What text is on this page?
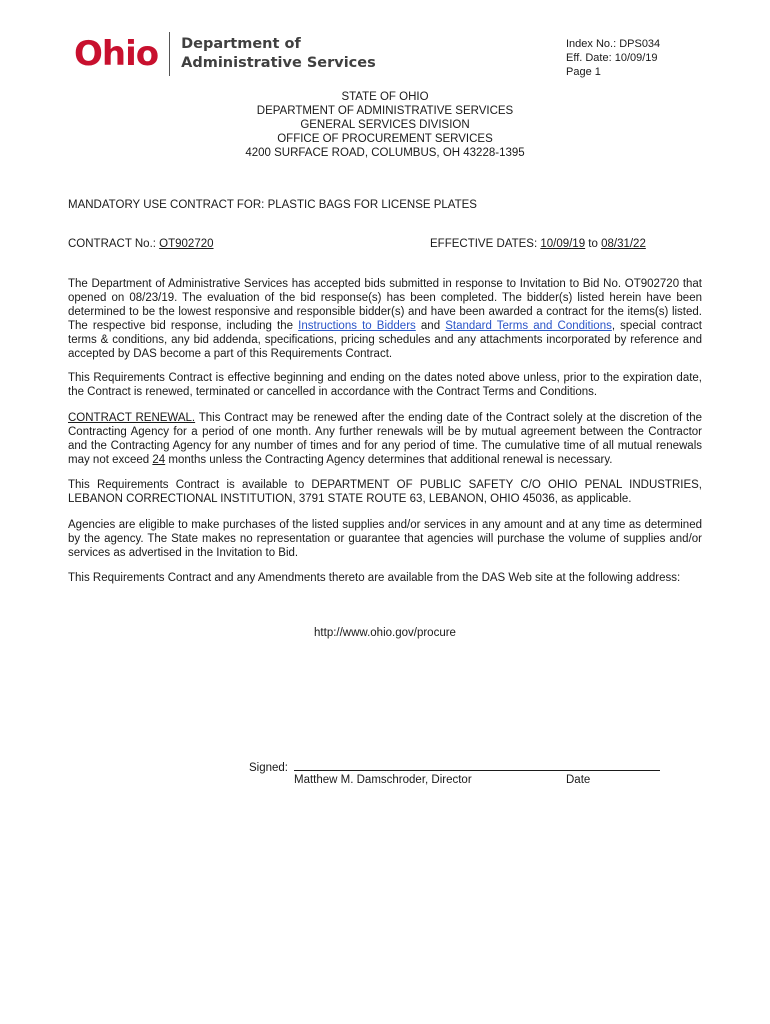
Ohio Department of
Administrative Services
Index No.: DPS034
Eff. Date: 10/09/19
Page 1
STATE OF OHIO
DEPARTMENT OF ADMINISTRATIVE SERVICES
GENERAL SERVICES DIVISION
OFFICE OF PROCUREMENT SERVICES
4200 SURFACE ROAD, COLUMBUS, OH 43228-1395
MANDATORY USE CONTRACT FOR: PLASTIC BAGS FOR LICENSE PLATES
CONTRACT No.: OT902720	EFFECTIVE DATES: 10/09/19 to 08/31/22
The Department of Administrative Services has accepted bids submitted in response to Invitation to Bid No. OT902720 that opened on 08/23/19. The evaluation of the bid response(s) has been completed. The bidder(s) listed herein have been determined to be the lowest responsive and responsible bidder(s) and have been awarded a contract for the items(s) listed. The respective bid response, including the Instructions to Bidders and Standard Terms and Conditions, special contract terms & conditions, any bid addenda, specifications, pricing schedules and any attachments incorporated by reference and accepted by DAS become a part of this Requirements Contract.
This Requirements Contract is effective beginning and ending on the dates noted above unless, prior to the expiration date, the Contract is renewed, terminated or cancelled in accordance with the Contract Terms and Conditions.
CONTRACT RENEWAL. This Contract may be renewed after the ending date of the Contract solely at the discretion of the Contracting Agency for a period of one month. Any further renewals will be by mutual agreement between the Contractor and the Contracting Agency for any number of times and for any period of time. The cumulative time of all mutual renewals may not exceed 24 months unless the Contracting Agency determines that additional renewal is necessary.
This Requirements Contract is available to DEPARTMENT OF PUBLIC SAFETY C/O OHIO PENAL INDUSTRIES, LEBANON CORRECTIONAL INSTITUTION, 3791 STATE ROUTE 63, LEBANON, OHIO 45036, as applicable.
Agencies are eligible to make purchases of the listed supplies and/or services in any amount and at any time as determined by the agency. The State makes no representation or guarantee that agencies will purchase the volume of supplies and/or services as advertised in the Invitation to Bid.
This Requirements Contract and any Amendments thereto are available from the DAS Web site at the following address:
http://www.ohio.gov/procure
Signed:
Matthew M. Damschroder, Director	Date
